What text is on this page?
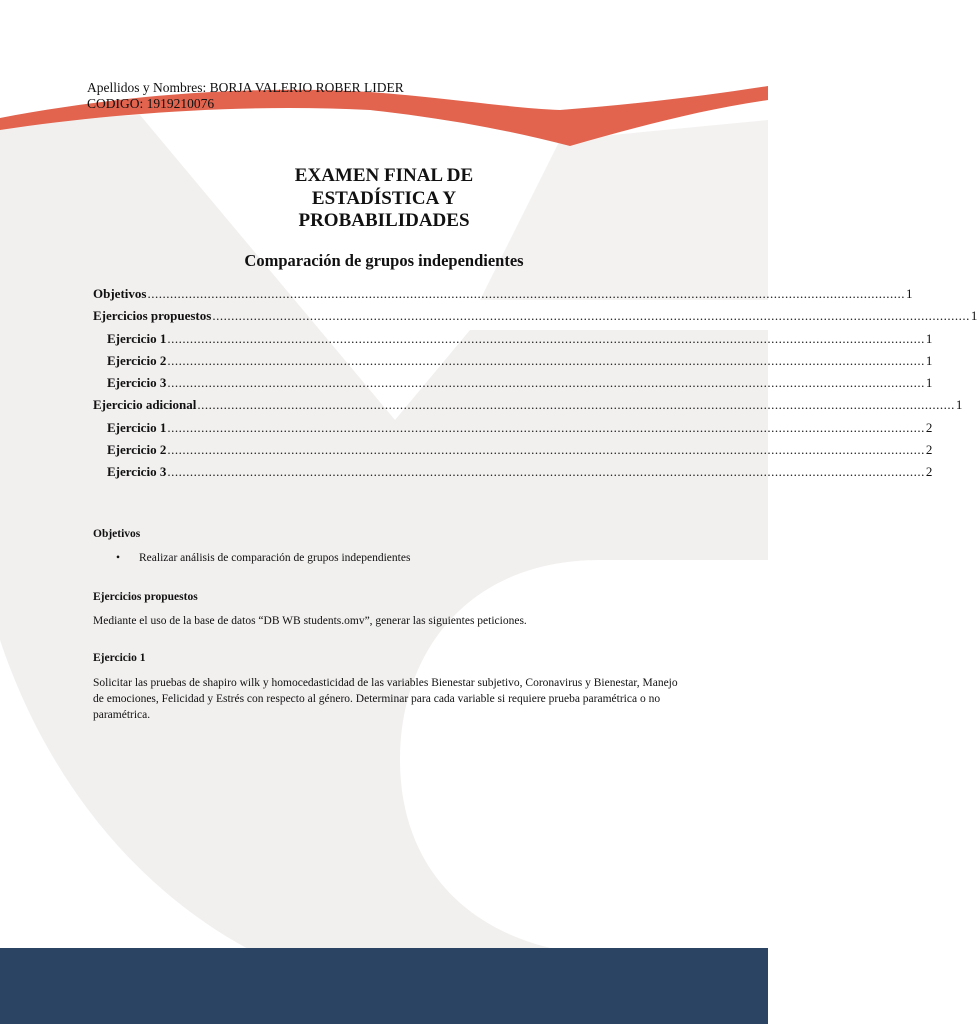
Apellidos y Nombres: BORJA VALERIO ROBER LIDER
CODIGO: 1919210076
EXAMEN FINAL DE
ESTADÍSTICA Y
PROBABILIDADES
Comparación de grupos independientes
Objetivos .......................................................................................................................................................................................................... 1
Ejercicios propuestos .......................................................................................................................................................................................................... 1
Ejercicio 1 .......................................................................................................................................................................................................... 1
Ejercicio 2 .......................................................................................................................................................................................................... 1
Ejercicio 3 .......................................................................................................................................................................................................... 1
Ejercicio adicional .......................................................................................................................................................................................................... 1
Ejercicio 1 .......................................................................................................................................................................................................... 2
Ejercicio 2 .......................................................................................................................................................................................................... 2
Ejercicio 3 .......................................................................................................................................................................................................... 2
Objetivos
•	Realizar análisis de comparación de grupos independientes
Ejercicios propuestos
Mediante el uso de la base de datos “DB WB students.omv”, generar las siguientes peticiones.
Ejercicio 1
Solicitar las pruebas de shapiro wilk y homocedasticidad de las variables Bienestar subjetivo, Coronavirus y Bienestar, Manejo de emociones, Felicidad y Estrés con respecto al género. Determinar para cada variable si requiere prueba paramétrica o no paramétrica.
